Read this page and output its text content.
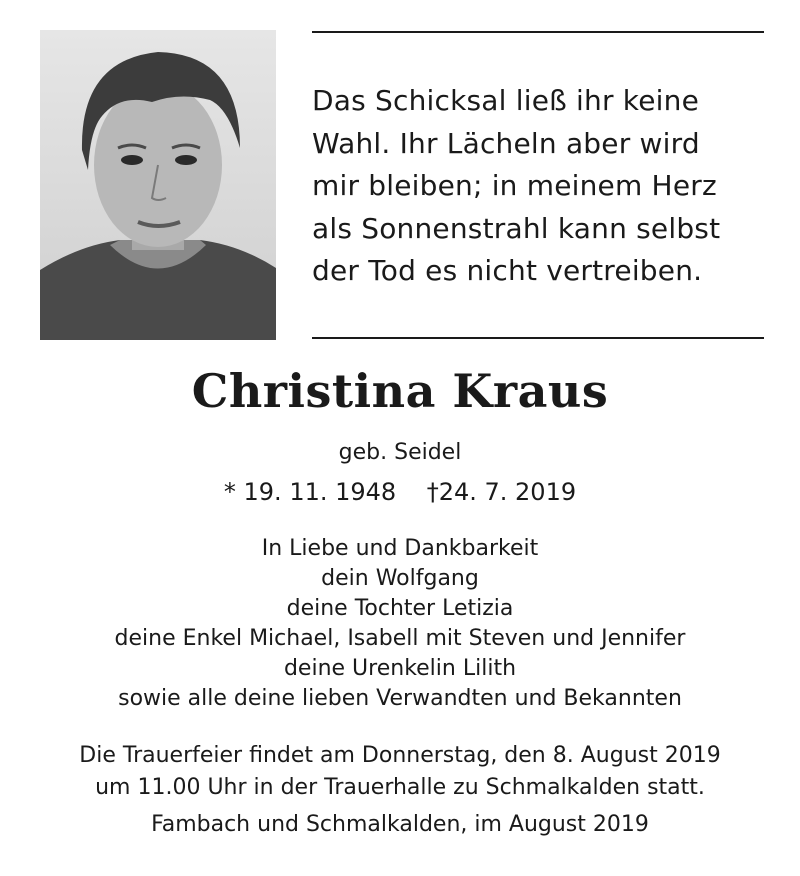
Das Schicksal ließ ihr keine
Wahl. Ihr Lächeln aber wird
mir bleiben; in meinem Herz
als Sonnenstrahl kann selbst
der Tod es nicht vertreiben.
Christina Kraus
geb. Seidel
* 19. 11. 1948    †24. 7. 2019
In Liebe und Dankbarkeit
dein Wolfgang
deine Tochter Letizia
deine Enkel Michael, Isabell mit Steven und Jennifer
deine Urenkelin Lilith
sowie alle deine lieben Verwandten und Bekannten
Die Trauerfeier findet am Donnerstag, den 8. August 2019
um 11.00 Uhr in der Trauerhalle zu Schmalkalden statt.
Fambach und Schmalkalden, im August 2019
